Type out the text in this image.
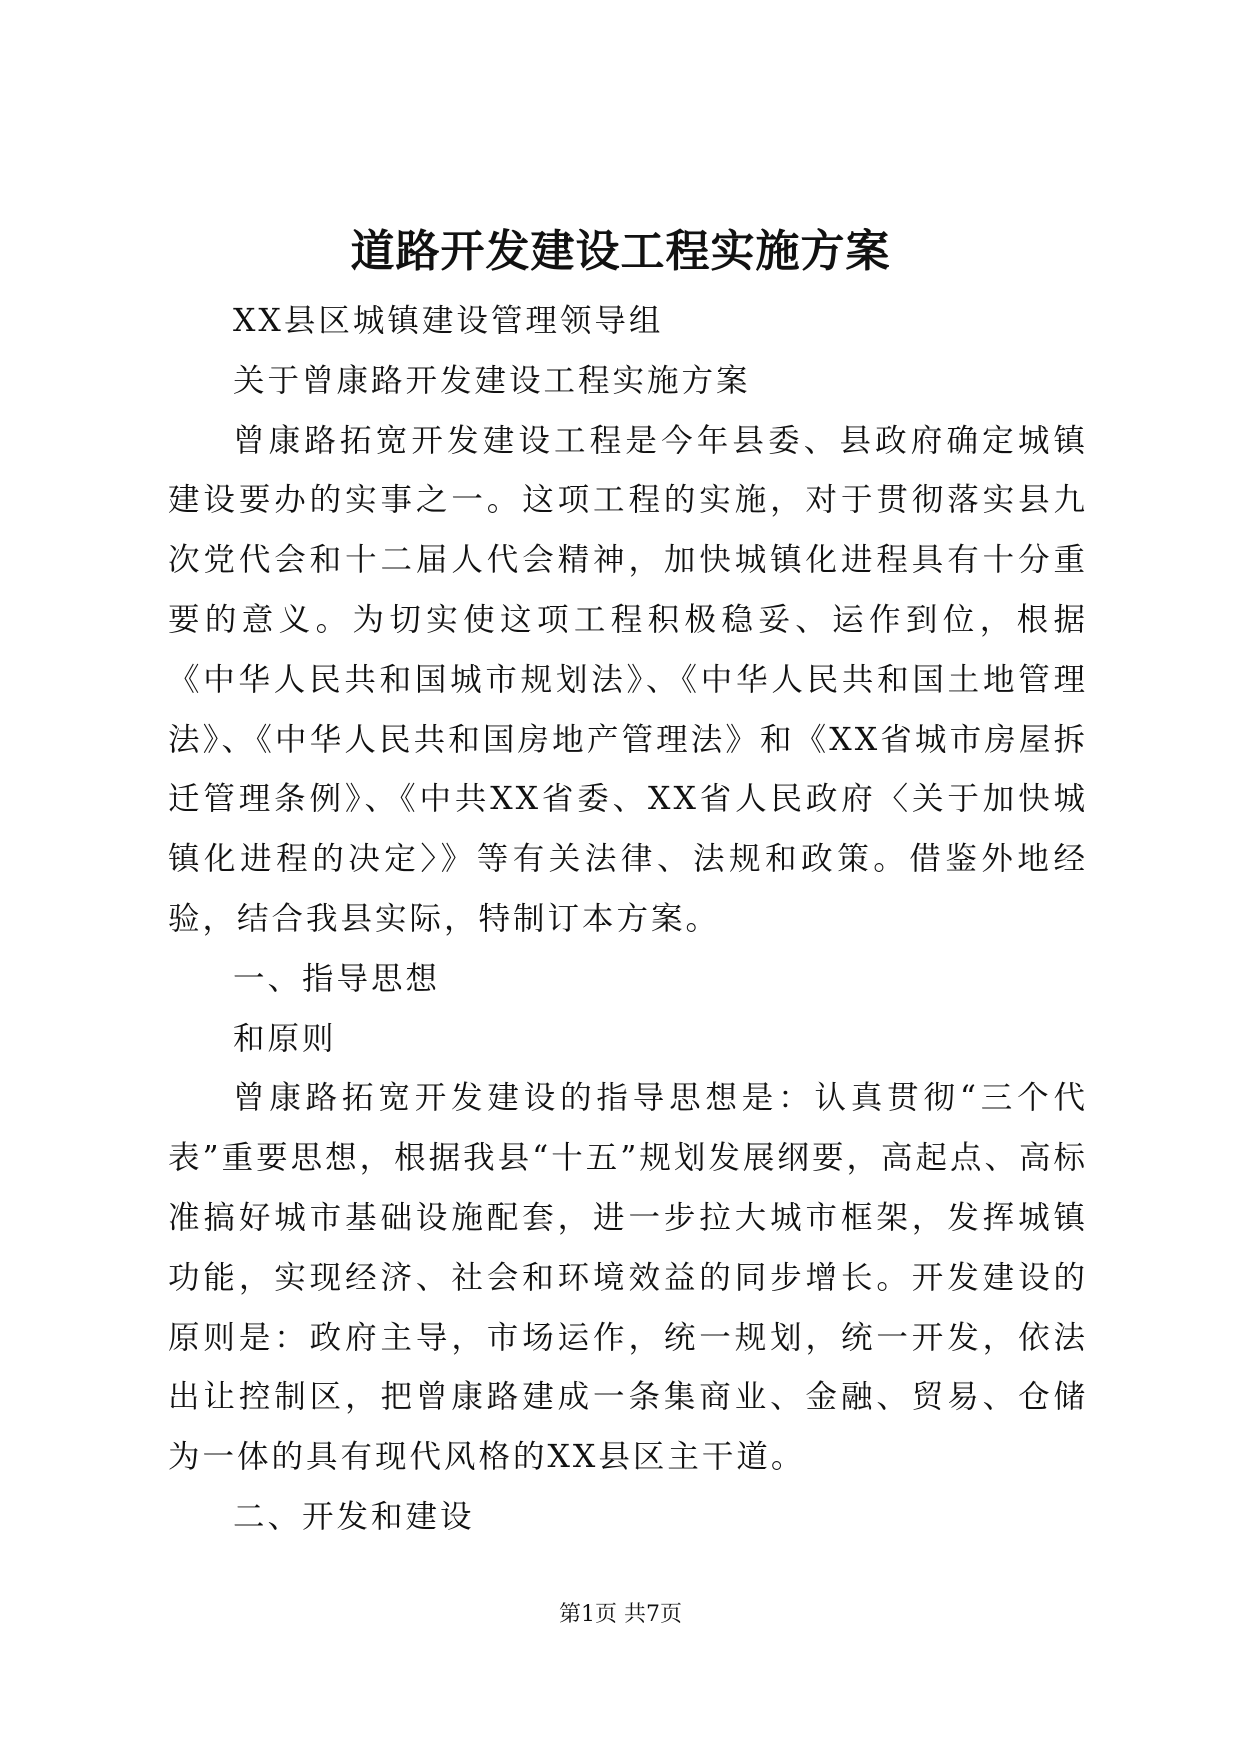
道路开发建设工程实施方案

XX县区城镇建设管理领导组

关于曾康路开发建设工程实施方案

曾康路拓宽开发建设工程是今年县委、县政府确定城镇建设要办的实事之一。这项工程的实施，对于贯彻落实县九次党代会和十二届人代会精神，加快城镇化进程具有十分重要的意义。为切实使这项工程积极稳妥、运作到位，根据《中华人民共和国城市规划法》、《中华人民共和国土地管理法》、《中华人民共和国房地产管理法》和《XX省城市房屋拆迁管理条例》、《中共XX省委、XX省人民政府〈关于加快城镇化进程的决定〉》等有关法律、法规和政策。借鉴外地经验，结合我县实际，特制订本方案。

一、指导思想

和原则

曾康路拓宽开发建设的指导思想是：认真贯彻“三个代表”重要思想，根据我县“十五”规划发展纲要，高起点、高标准搞好城市基础设施配套，进一步拉大城市框架，发挥城镇功能，实现经济、社会和环境效益的同步增长。开发建设的原则是：政府主导，市场运作，统一规划，统一开发，依法出让控制区，把曾康路建成一条集商业、金融、贸易、仓储为一体的具有现代风格的XX县区主干道。

二、开发和建设

第1页 共7页
